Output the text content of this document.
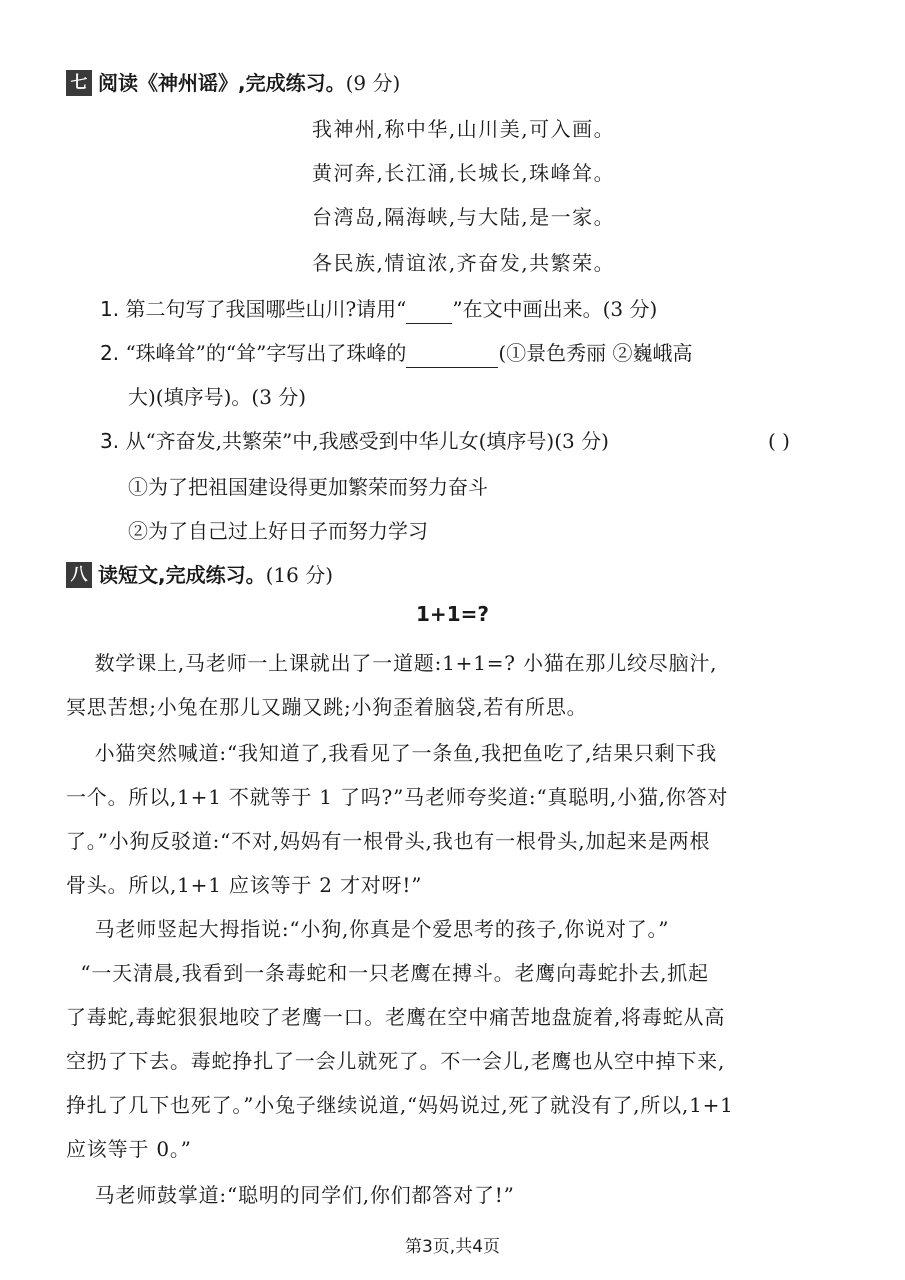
七 阅读《神州谣》,完成练习。(9 分)
我神州,称中华,山川美,可入画。
黄河奔,长江涌,长城长,珠峰耸。
台湾岛,隔海峡,与大陆,是一家。
各民族,情谊浓,齐奋发,共繁荣。
1. 第二句写了我国哪些山川?请用“ ”在文中画出来。(3 分)
2. “珠峰耸”的“耸”字写出了珠峰的	(①景色秀丽 ②巍峨高
大)(填序号)。(3 分)
3. 从“齐奋发,共繁荣”中,我感受到中华儿女(填序号)(3 分)	( )
①为了把祖国建设得更加繁荣而努力奋斗
②为了自己过上好日子而努力学习
八 读短文,完成练习。(16 分)
1+1=?
数学课上,马老师一上课就出了一道题:1+1=? 小猫在那儿绞尽脑汁,
冥思苦想;小兔在那儿又蹦又跳;小狗歪着脑袋,若有所思。
小猫突然喊道:“我知道了,我看见了一条鱼,我把鱼吃了,结果只剩下我
一个。所以,1+1 不就等于 1 了吗?”马老师夸奖道:“真聪明,小猫,你答对
了。”小狗反驳道:“不对,妈妈有一根骨头,我也有一根骨头,加起来是两根
骨头。所以,1+1 应该等于 2 才对呀!”
马老师竖起大拇指说:“小狗,你真是个爱思考的孩子,你说对了。”
“一天清晨,我看到一条毒蛇和一只老鹰在搏斗。老鹰向毒蛇扑去,抓起
了毒蛇,毒蛇狠狠地咬了老鹰一口。老鹰在空中痛苦地盘旋着,将毒蛇从高
空扔了下去。毒蛇挣扎了一会儿就死了。不一会儿,老鹰也从空中掉下来,
挣扎了几下也死了。”小兔子继续说道,“妈妈说过,死了就没有了,所以,1+1
应该等于 0。”
马老师鼓掌道:“聪明的同学们,你们都答对了!”
第3页,共4页
